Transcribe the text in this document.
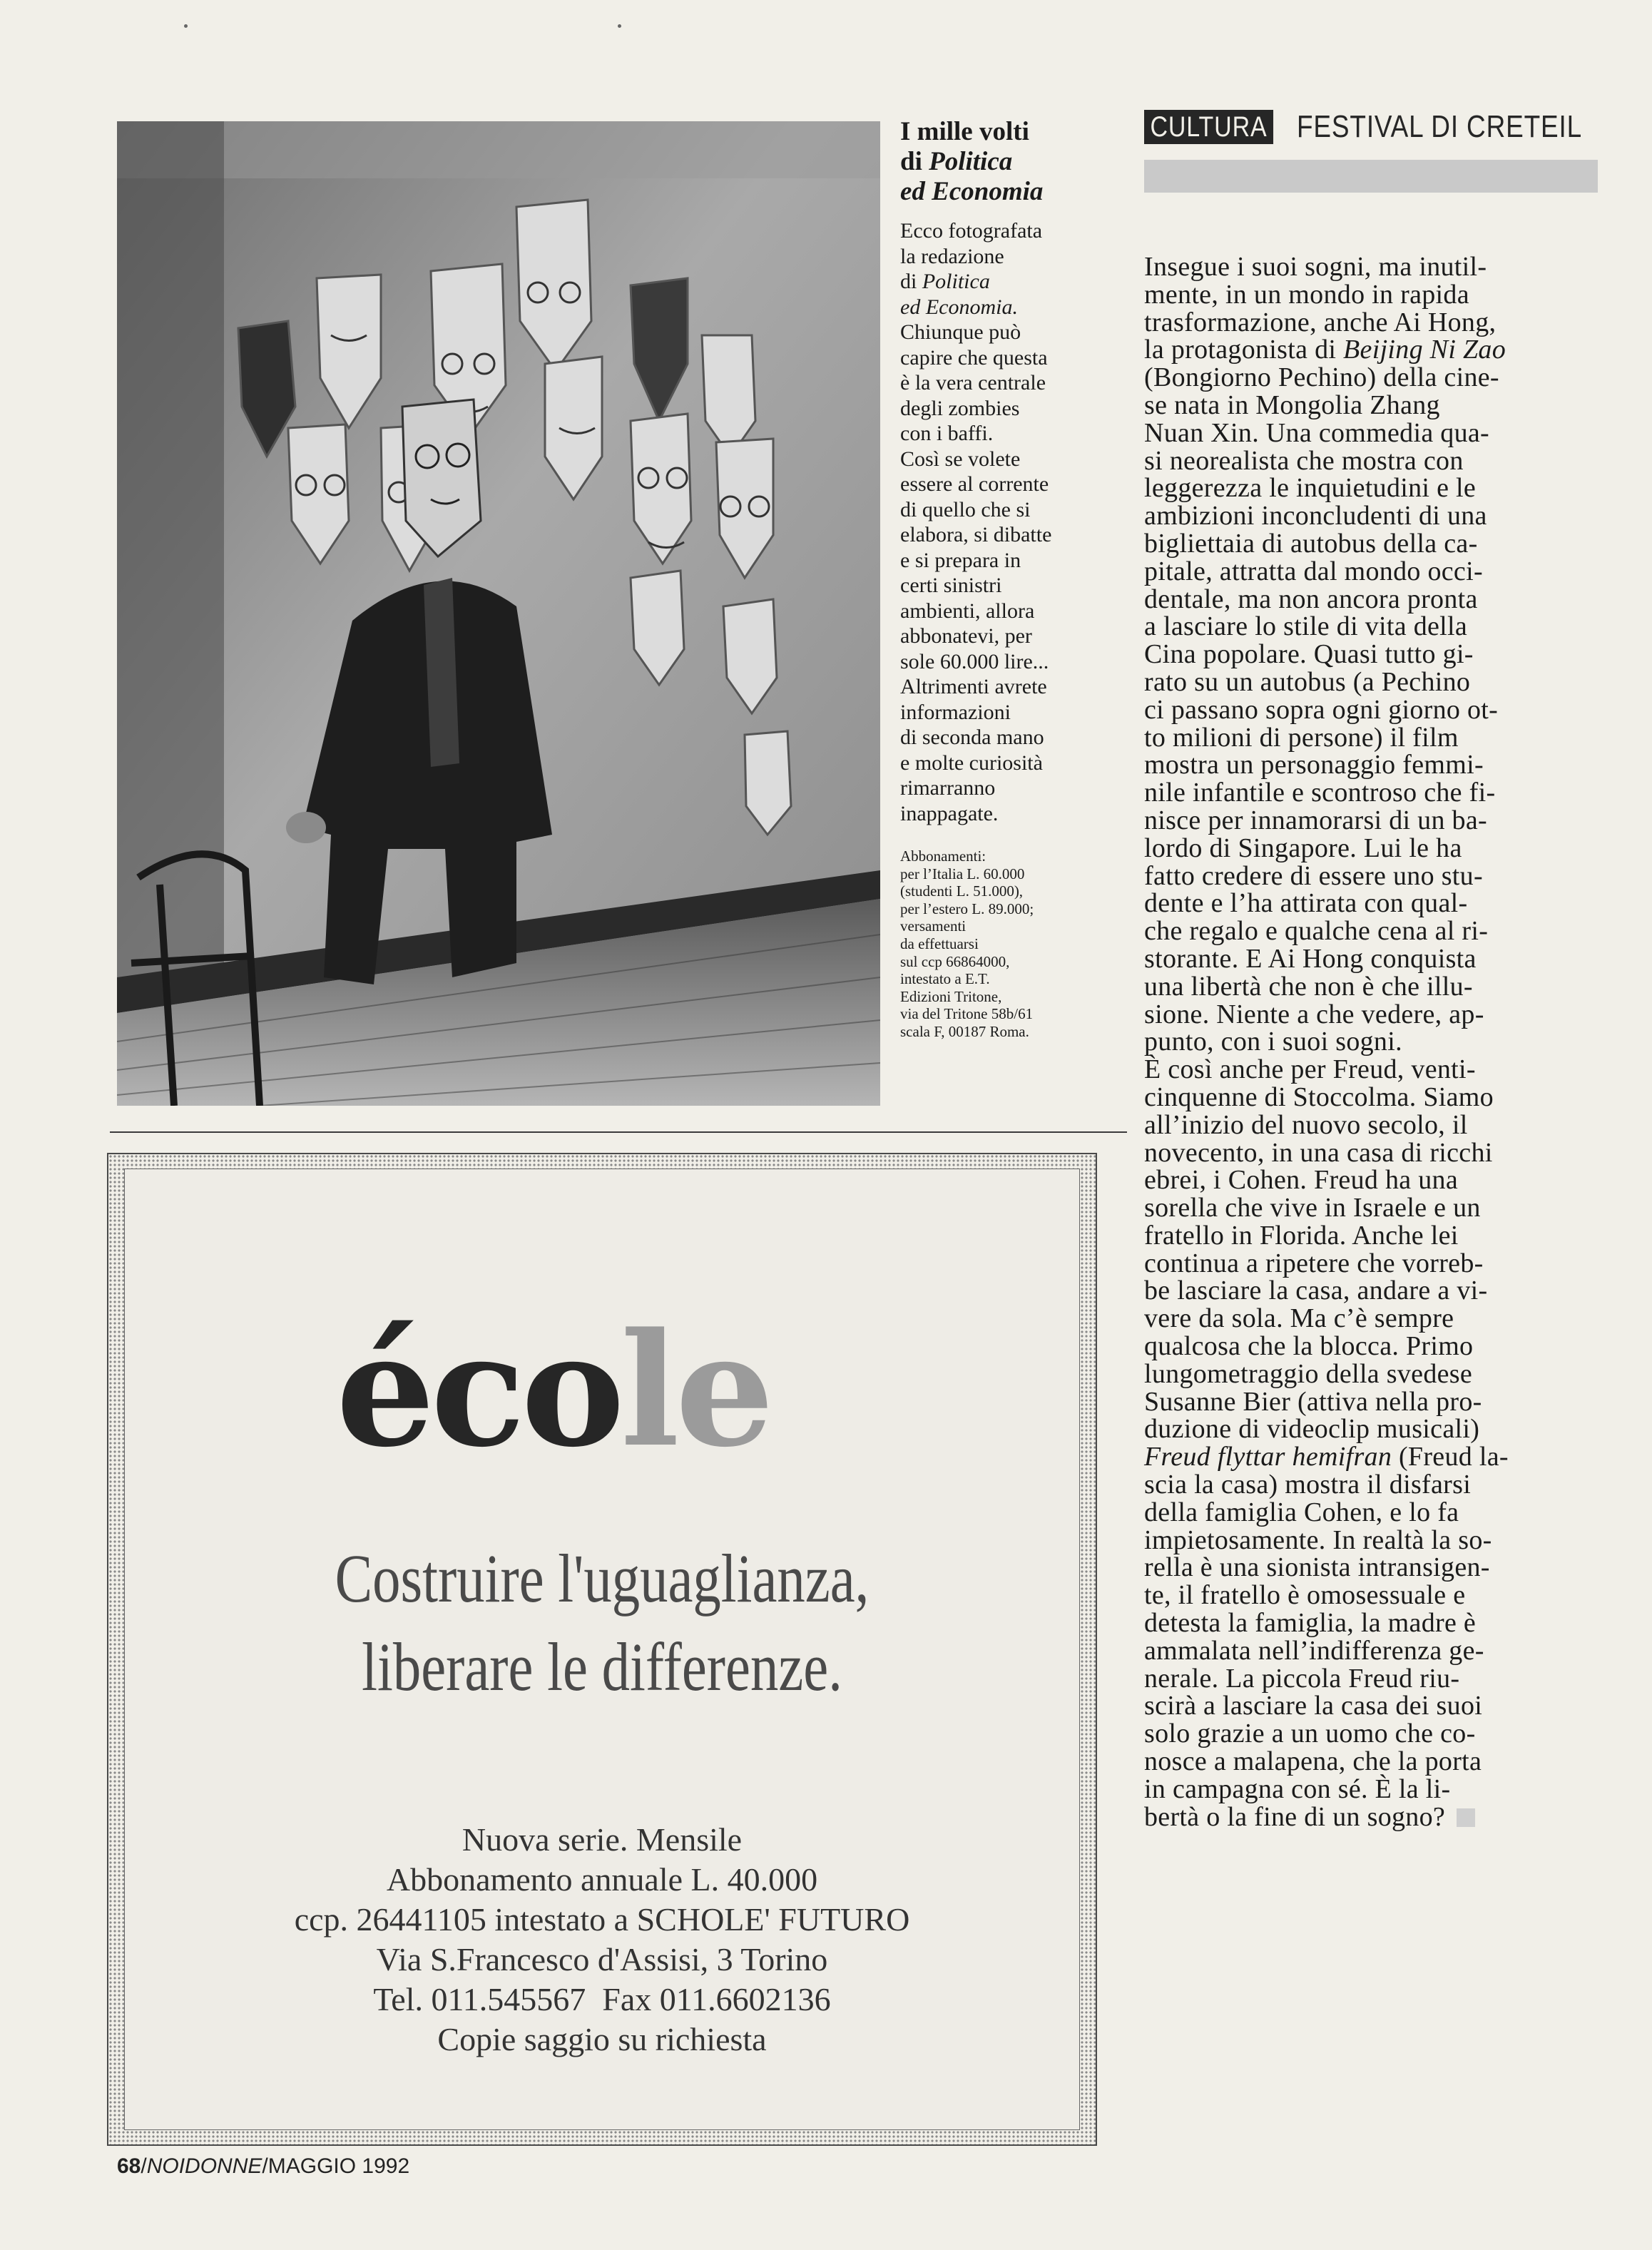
I mille volti
di Politica
ed Economia
Ecco fotografata
la redazione
di Politica
ed Economia.
Chiunque può
capire che questa
è la vera centrale
degli zombies
con i baffi.
Così se volete
essere al corrente
di quello che si
elabora, si dibatte
e si prepara in
certi sinistri
ambienti, allora
abbonatevi, per
sole 60.000 lire...
Altrimenti avrete
informazioni
di seconda mano
e molte curiosità
rimarranno
inappagate.
Abbonamenti:
per l’Italia L. 60.000
(studenti L. 51.000),
per l’estero L. 89.000;
versamenti
da effettuarsi
sul ccp 66864000,
intestato a E.T.
Edizioni Tritone,
via del Tritone 58b/61
scala F, 00187 Roma.
CULTURA FESTIVAL DI CRETEIL
Insegue i suoi sogni, ma inutil-
mente, in un mondo in rapida
trasformazione, anche Ai Hong,
la protagonista di Beijing Ni Zao
(Bongiorno Pechino) della cine-
se nata in Mongolia Zhang
Nuan Xin. Una commedia qua-
si neorealista che mostra con
leggerezza le inquietudini e le
ambizioni inconcludenti di una
bigliettaia di autobus della ca-
pitale, attratta dal mondo occi-
dentale, ma non ancora pronta
a lasciare lo stile di vita della
Cina popolare. Quasi tutto gi-
rato su un autobus (a Pechino
ci passano sopra ogni giorno ot-
to milioni di persone) il film
mostra un personaggio femmi-
nile infantile e scontroso che fi-
nisce per innamorarsi di un ba-
lordo di Singapore. Lui le ha
fatto credere di essere uno stu-
dente e l’ha attirata con qual-
che regalo e qualche cena al ri-
storante. E Ai Hong conquista
una libertà che non è che illu-
sione. Niente a che vedere, ap-
punto, con i suoi sogni.
È così anche per Freud, venti-
cinquenne di Stoccolma. Siamo
all’inizio del nuovo secolo, il
novecento, in una casa di ricchi
ebrei, i Cohen. Freud ha una
sorella che vive in Israele e un
fratello in Florida. Anche lei
continua a ripetere che vorreb-
be lasciare la casa, andare a vi-
vere da sola. Ma c’è sempre
qualcosa che la blocca. Primo
lungometraggio della svedese
Susanne Bier (attiva nella pro-
duzione di videoclip musicali)
Freud flyttar hemifran (Freud la-
scia la casa) mostra il disfarsi
della famiglia Cohen, e lo fa
impietosamente. In realtà la so-
rella è una sionista intransigen-
te, il fratello è omosessuale e
detesta la famiglia, la madre è
ammalata nell’indifferenza ge-
nerale. La piccola Freud riu-
scirà a lasciare la casa dei suoi
solo grazie a un uomo che co-
nosce a malapena, che la porta
in campagna con sé. È la li-
bertà o la fine di un sogno?
école
Costruire l'uguaglianza,
liberare le differenze.
Nuova serie. Mensile
Abbonamento annuale L. 40.000
ccp. 26441105 intestato a SCHOLE' FUTURO
Via S.Francesco d'Assisi, 3 Torino
Tel. 011.545567  Fax 011.6602136
Copie saggio su richiesta
68/NOIDONNE/MAGGIO 1992
